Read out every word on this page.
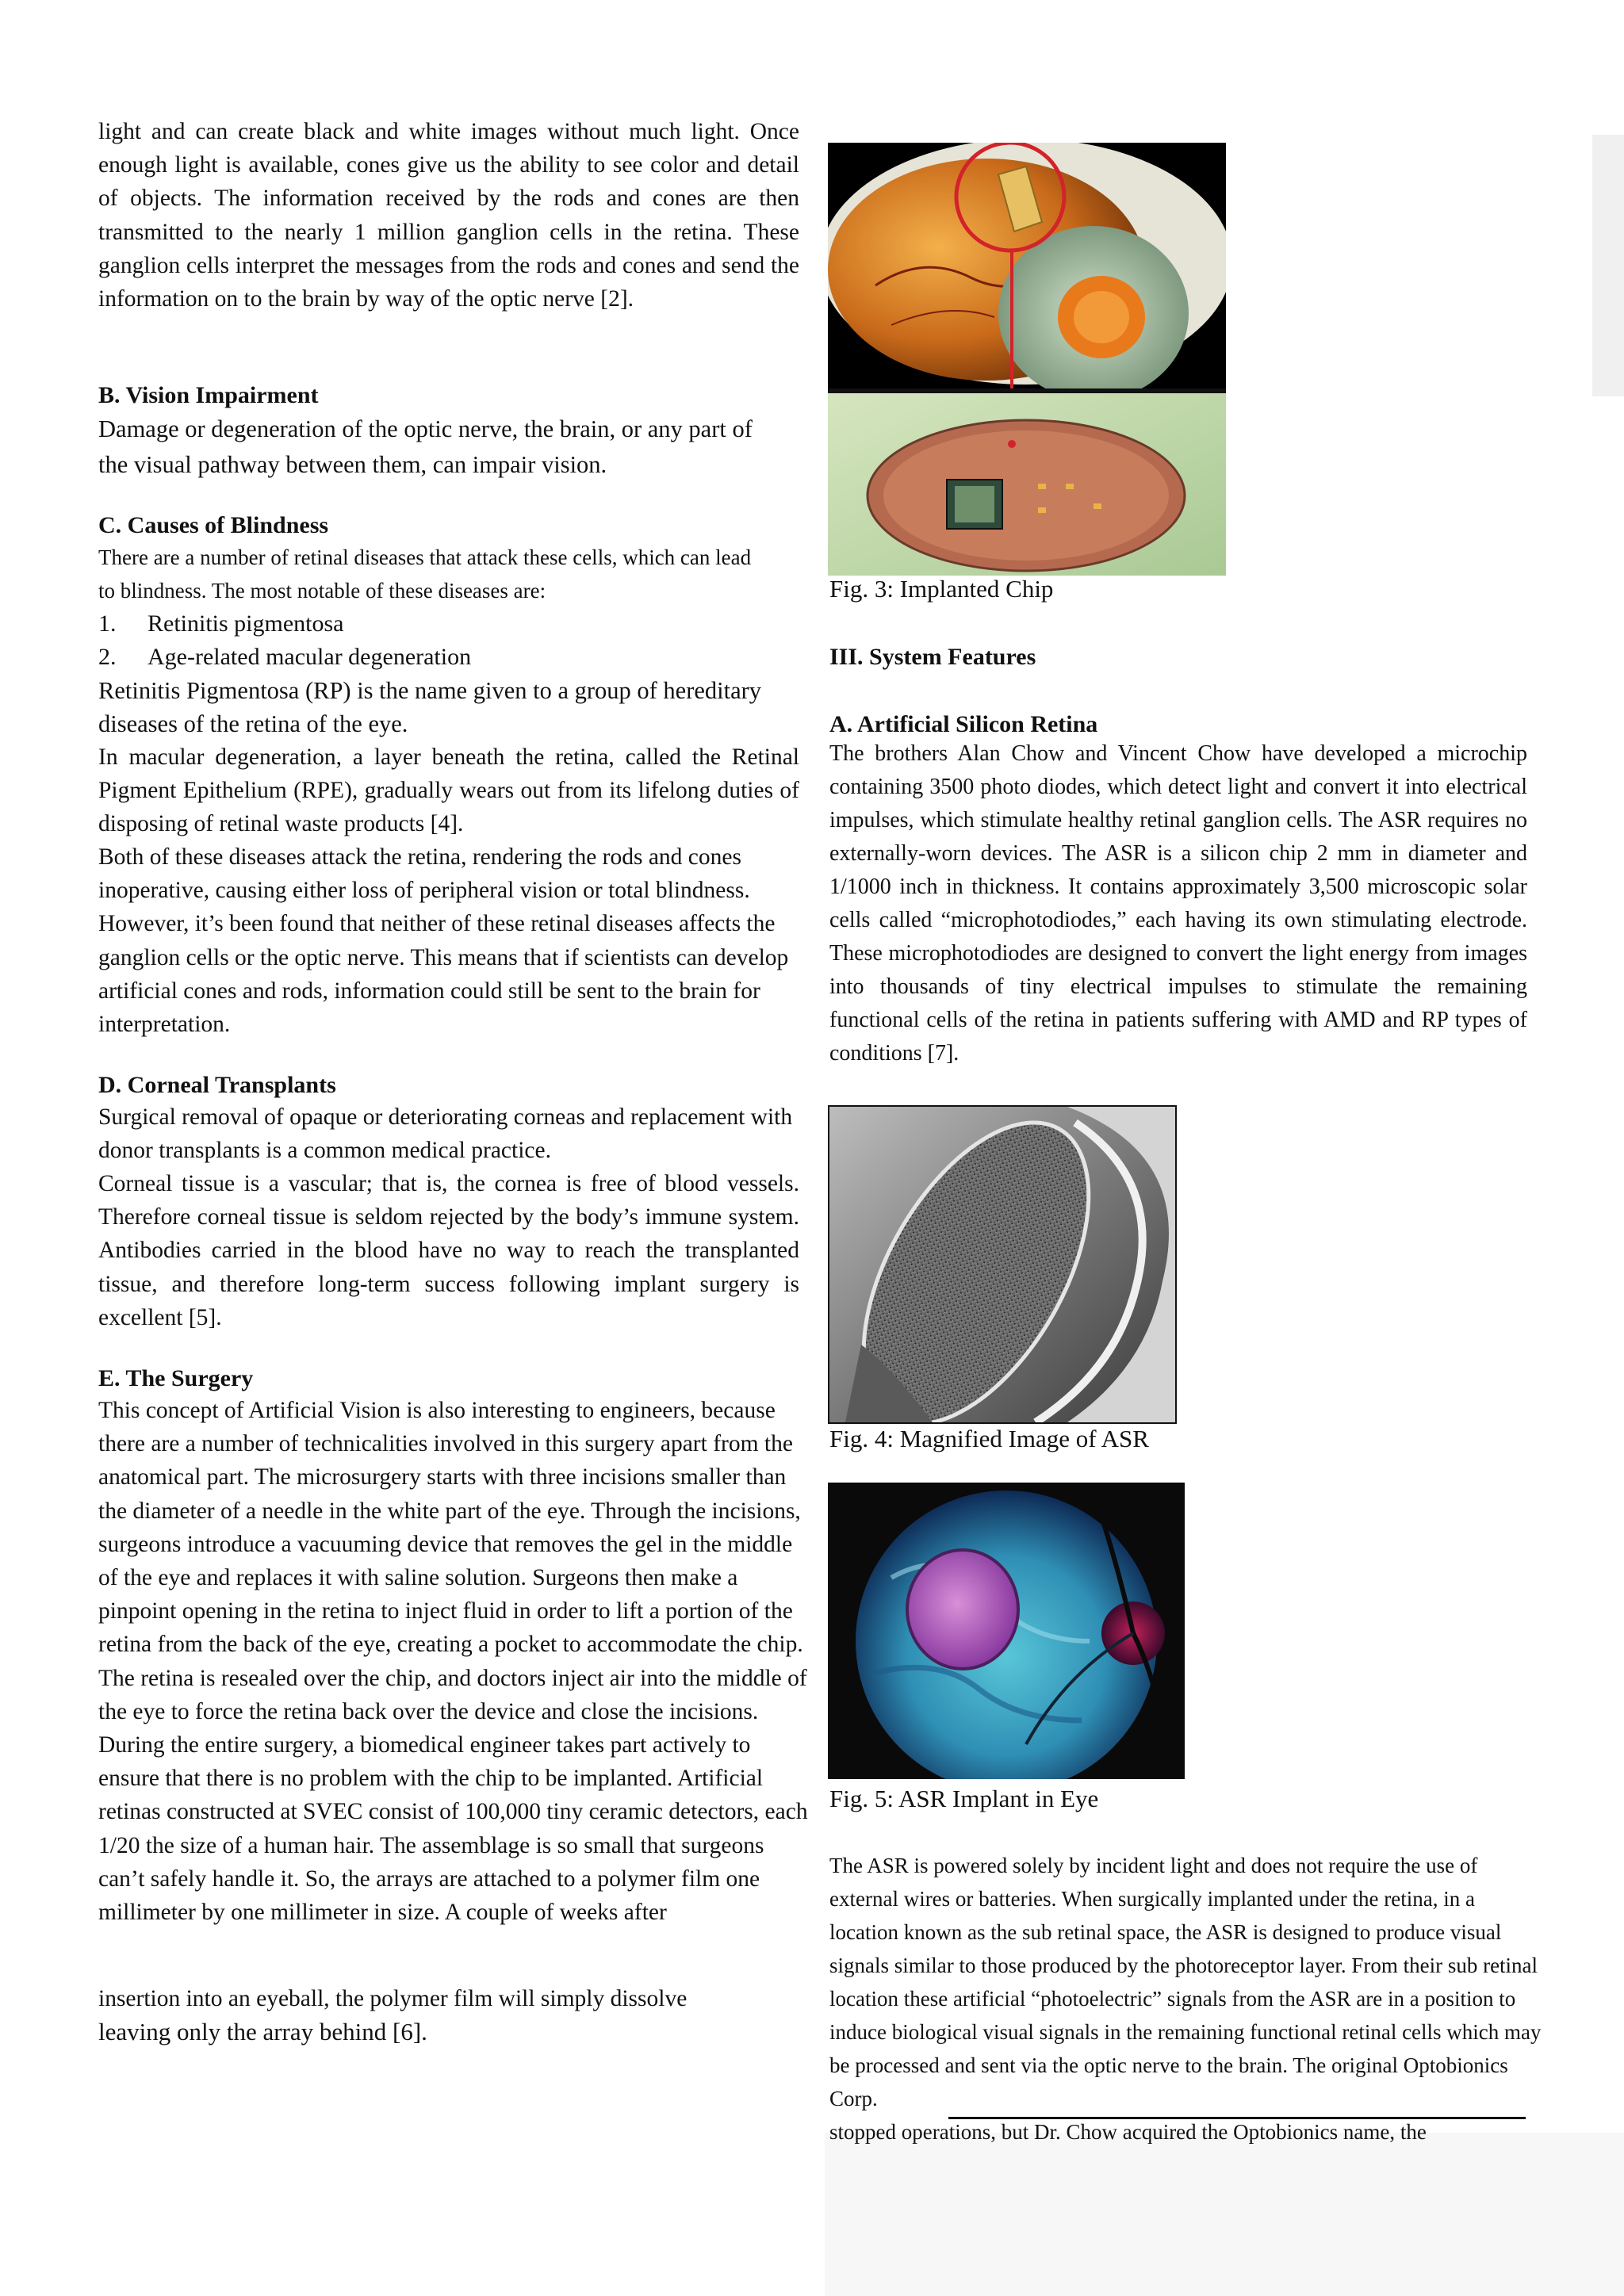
light and can create black and white images without much light. Once enough light is available, cones give us the ability to see color and detail of objects. The information received by the rods and cones are then transmitted to the nearly 1 million ganglion cells in the retina. These ganglion cells interpret the messages from the rods and cones and send the information on to the brain by way of the optic nerve [2].

B. Vision Impairment

Damage or degeneration of the optic nerve, the brain, or any part of the visual pathway between them, can impair vision.

C. Causes of Blindness

There are a number of retinal diseases that attack these cells, which can lead to blindness. The most notable of these diseases are:

1. Retinitis pigmentosa
2. Age-related macular degeneration

Retinitis Pigmentosa (RP) is the name given to a group of hereditary diseases of the retina of the eye.

In macular degeneration, a layer beneath the retina, called the Retinal Pigment Epithelium (RPE), gradually wears out from its lifelong duties of disposing of retinal waste products [4].

Both of these diseases attack the retina, rendering the rods and cones inoperative, causing either loss of peripheral vision or total blindness. However, it’s been found that neither of these retinal diseases affects the ganglion cells or the optic nerve. This means that if scientists can develop artificial cones and rods, information could still be sent to the brain for interpretation.

D. Corneal Transplants

Surgical removal of opaque or deteriorating corneas and replacement with donor transplants is a common medical practice.

Corneal tissue is a vascular; that is, the cornea is free of blood vessels. Therefore corneal tissue is seldom rejected by the body’s immune system. Antibodies carried in the blood have no way to reach the transplanted tissue, and therefore long-term success following implant surgery is excellent [5].

E. The Surgery

This concept of Artificial Vision is also interesting to engineers, because there are a number of technicalities involved in this surgery apart from the anatomical part. The microsurgery starts with three incisions smaller than the diameter of a needle in the white part of the eye. Through the incisions, surgeons introduce a vacuuming device that removes the gel in the middle of the eye and replaces it with saline solution. Surgeons then make a pinpoint opening in the retina to inject fluid in order to lift a portion of the retina from the back of the eye, creating a pocket to accommodate the chip. The retina is resealed over the chip, and doctors inject air into the middle of the eye to force the retina back over the device and close the incisions. During the entire surgery, a biomedical engineer takes part actively to ensure that there is no problem with the chip to be implanted. Artificial retinas constructed at SVEC consist of 100,000 tiny ceramic detectors, each 1/20 the size of a human hair. The assemblage is so small that surgeons can’t safely handle it. So, the arrays are attached to a polymer film one millimeter by one millimeter in size. A couple of weeks after

insertion into an eyeball, the polymer film will simply dissolve
leaving only the array behind [6].
Fig. 3: Implanted Chip
III. System Features
A. Artificial Silicon Retina

The brothers Alan Chow and Vincent Chow have developed a microchip containing 3500 photo diodes, which detect light and convert it into electrical impulses, which stimulate healthy retinal ganglion cells. The ASR requires no externally-worn devices. The ASR is a silicon chip 2 mm in diameter and 1/1000 inch in thickness. It contains approximately 3,500 microscopic solar cells called “microphotodiodes,” each having its own stimulating electrode. These microphotodiodes are designed to convert the light energy from images into thousands of tiny electrical impulses to stimulate the remaining functional cells of the retina in patients suffering with AMD and RP types of conditions [7].

Fig. 4: Magnified Image of ASR
Fig. 5: ASR Implant in Eye

The ASR is powered solely by incident light and does not require the use of external wires or batteries. When surgically implanted under the retina, in a location known as the sub retinal space, the ASR is designed to produce visual signals similar to those produced by the photoreceptor layer. From their sub retinal location these artificial “photoelectric” signals from the ASR are in a position to induce biological visual signals in the remaining functional retinal cells which may be processed and sent via the optic nerve to the brain. The original Optobionics Corp.

stopped operations, but Dr. Chow acquired the Optobionics name, the
